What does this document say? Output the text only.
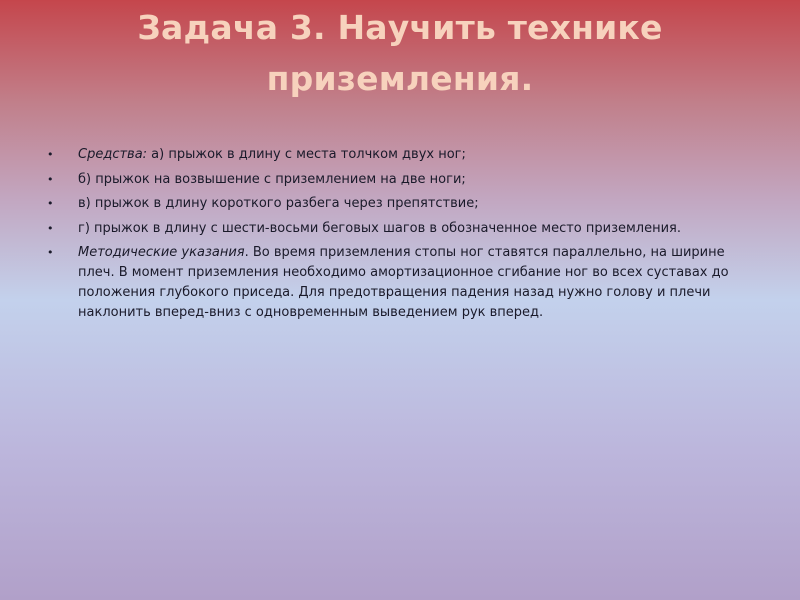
Задача 3. Научить технике
приземления.
• Средства: а) прыжок в длину с места толчком двух ног;
• б) прыжок на возвышение с приземлением на две ноги;
• в) прыжок в длину короткого разбега через препятствие;
• г) прыжок в длину с шести-восьми беговых шагов в обозначенное место приземления.
• Методические указания. Во время приземления стопы ног ставятся параллельно, на ширине плеч. В момент приземления необходимо амортизационное сгибание ног во всех суставах до положения глубокого приседа. Для предотвращения падения назад нужно голову и плечи наклонить вперед-вниз с одновременным выведением рук вперед.
